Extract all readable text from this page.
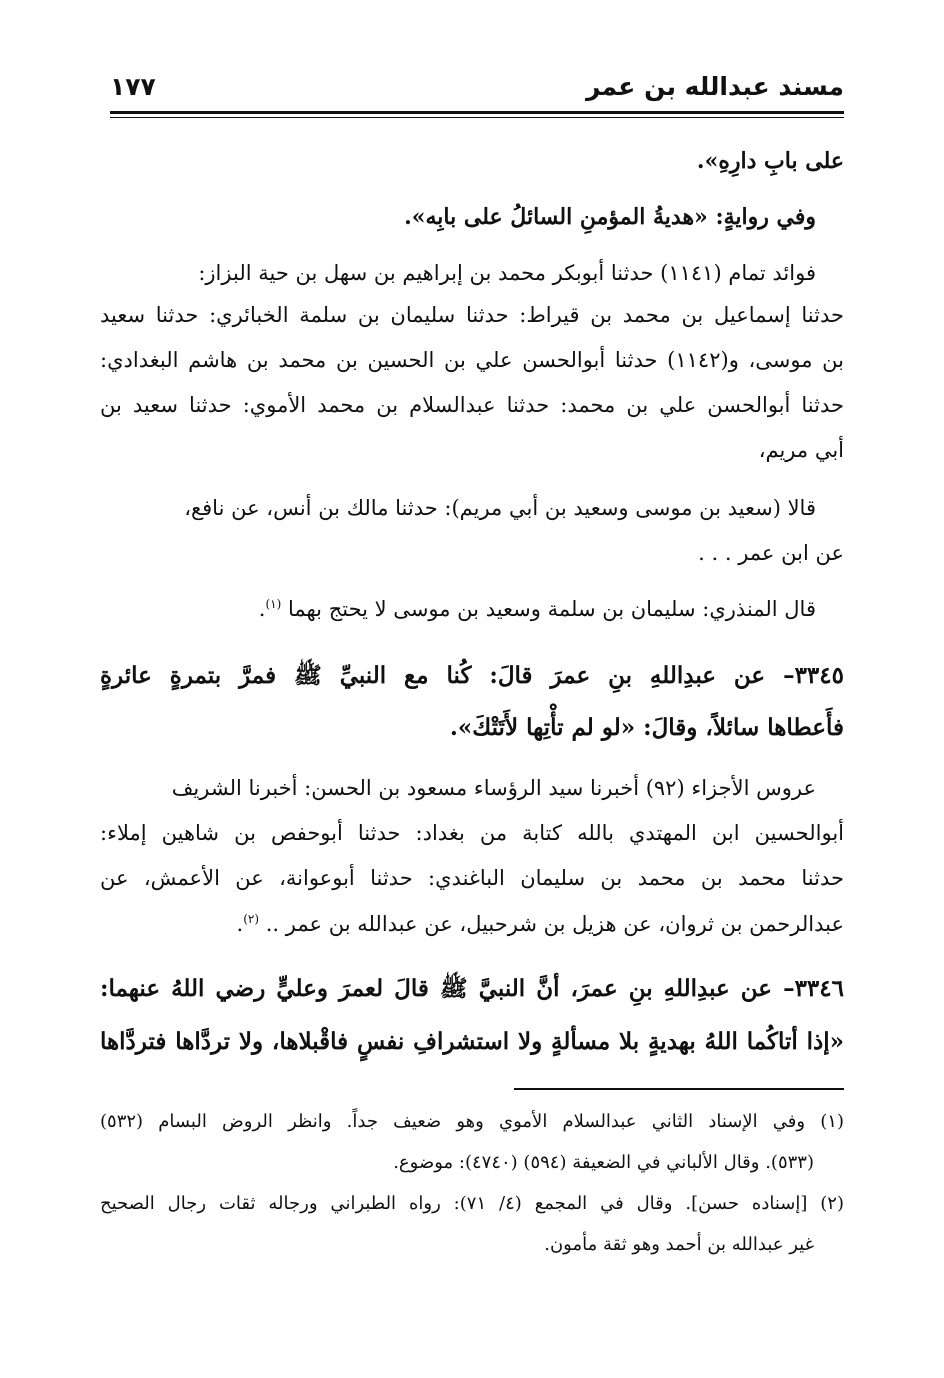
مسند عبدالله بن عمر
١٧٧
على بابِ دارِهِ».
وفي روايةٍ: «هديةُ المؤمنِ السائلُ على بابِه».
فوائد تمام (١١٤١) حدثنا أبوبكر محمد بن إبراهيم بن سهل بن حية البزاز:
حدثنا إسماعيل بن محمد بن قيراط: حدثنا سليمان بن سلمة الخبائري: حدثنا سعيد
بن موسى، و(١١٤٢) حدثنا أبوالحسن علي بن الحسين بن محمد بن هاشم البغدادي:
حدثنا أبوالحسن علي بن محمد: حدثنا عبدالسلام بن محمد الأموي: حدثنا سعيد بن
أبي مريم،
قالا (سعيد بن موسى وسعيد بن أبي مريم): حدثنا مالك بن أنس، عن نافع،
عن ابن عمر . . .
قال المنذري: سليمان بن سلمة وسعيد بن موسى لا يحتج بهما $^{(١)}$.
٣٣٤٥– عن عبدِاللهِ بنِ عمرَ قالَ: كُنا مع النبيِّ ﷺ فمرَّ بتمرةٍ عائرةٍ
فأَعطاها سائلاً، وقالَ: «لو لم تأْتِها لأَتَتْكَ».
عروس الأجزاء (٩٢) أخبرنا سيد الرؤساء مسعود بن الحسن: أخبرنا الشريف
أبوالحسين ابن المهتدي بالله كتابة من بغداد: حدثنا أبوحفص بن شاهين إملاء:
حدثنا محمد بن محمد بن سليمان الباغندي: حدثنا أبوعوانة، عن الأعمش، عن
عبدالرحمن بن ثروان، عن هزيل بن شرحبيل، عن عبدالله بن عمر .. $^{(٢)}$.
٣٣٤٦– عن عبدِاللهِ بنِ عمرَ، أنَّ النبيَّ ﷺ قالَ لعمرَ وعليٍّ رضي اللهُ عنهما:
«إذا أتاكُما اللهُ بهديةٍ بلا مسألةٍ ولا استشرافِ نفسٍ فاقْبلاها، ولا تردَّاها فتردَّاها
(١) وفي الإسناد الثاني عبدالسلام الأموي وهو ضعيف جداً. وانظر الروض البسام (٥٣٢)
(٥٣٣). وقال الألباني في الضعيفة (٥٩٤) (٤٧٤٠): موضوع.
(٢) [إسناده حسن]. وقال في المجمع (٤/ ٧١): رواه الطبراني ورجاله ثقات رجال الصحيح
غير عبدالله بن أحمد وهو ثقة مأمون.
